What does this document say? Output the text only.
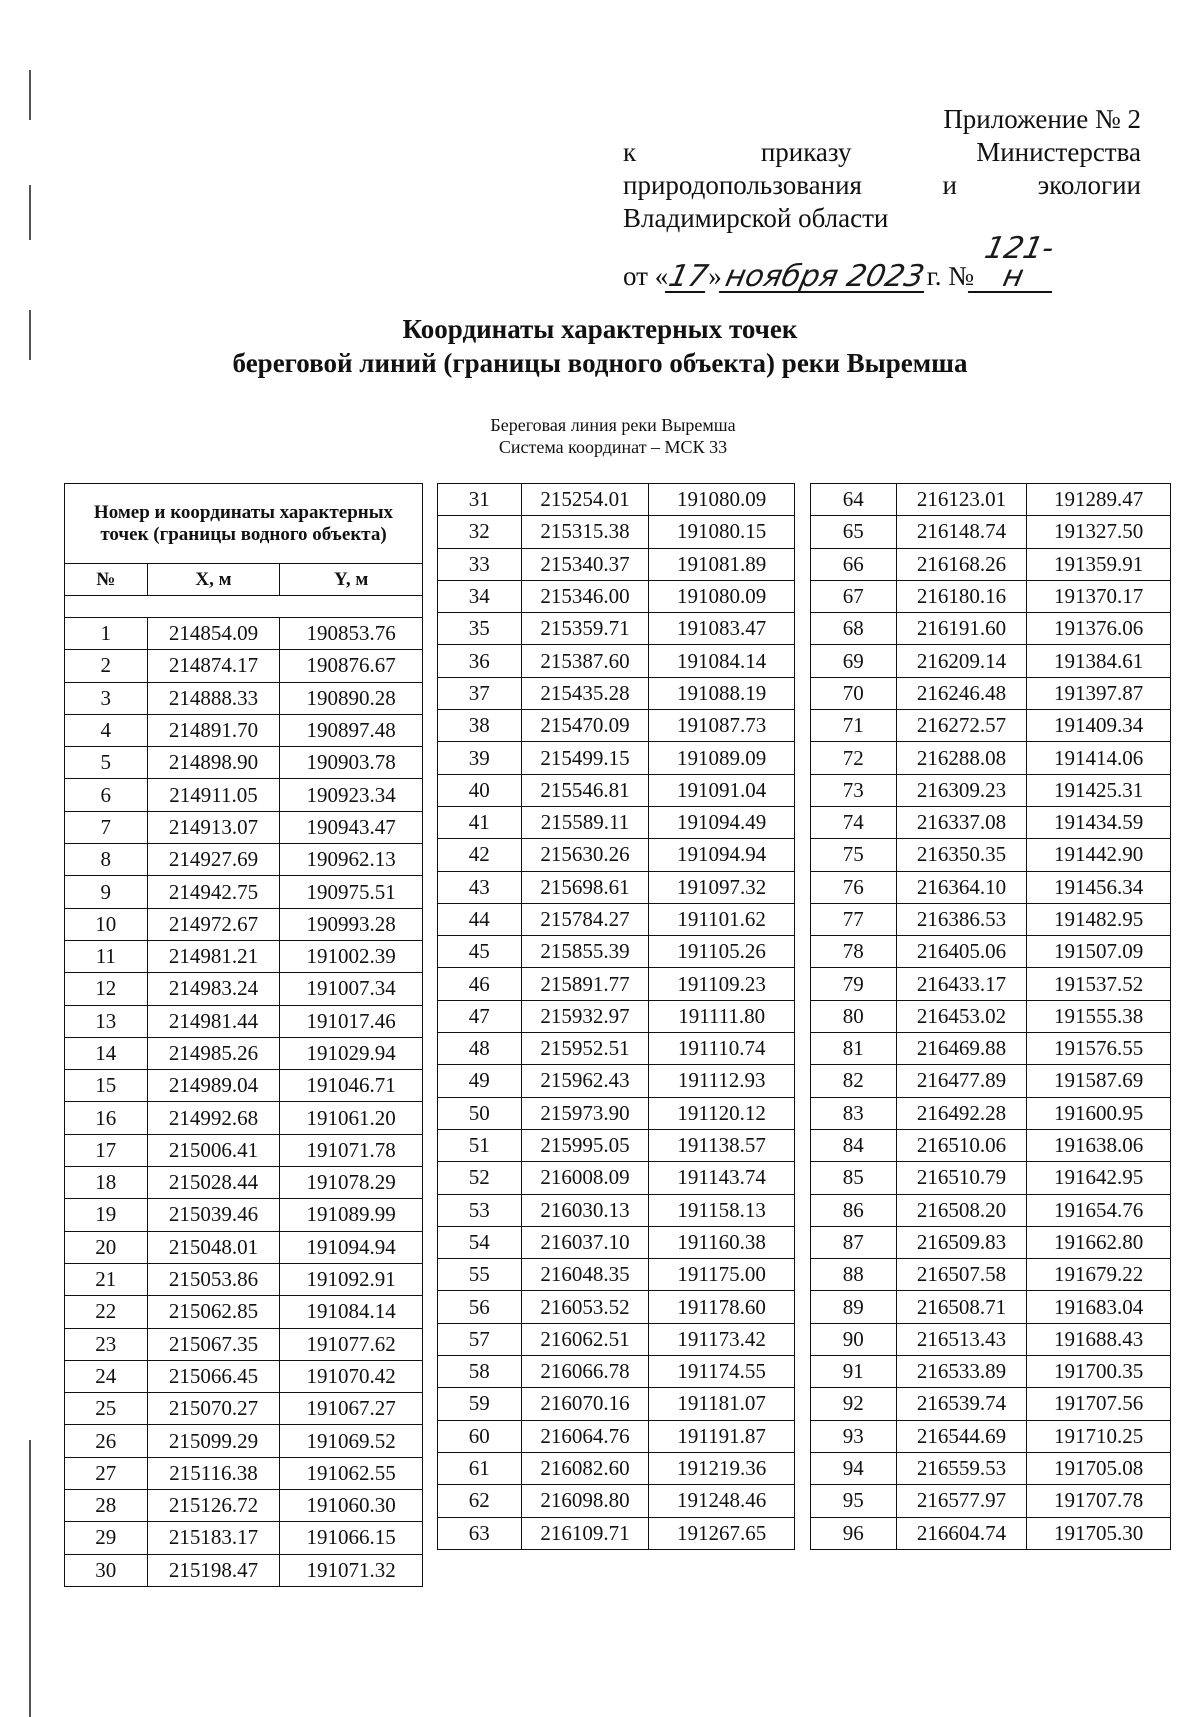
Приложение № 2
к	приказу	Министерства
природопользования	и	экологии
Владимирской области
от «
17
» ноября 2023 г. №
121-н
Координаты характерных точек
береговой линий (границы водного объекта) реки Выремша
Береговая линия реки Выремша
Система координат – МСК 33
Номер и координаты характерных точек (границы водного объекта)		
№	X, м	Y, м

1	214854.09	190853.76
2	214874.17	190876.67
3	214888.33	190890.28
4	214891.70	190897.48
5	214898.90	190903.78
6	214911.05	190923.34
7	214913.07	190943.47
8	214927.69	190962.13
9	214942.75	190975.51
10	214972.67	190993.28
11	214981.21	191002.39
12	214983.24	191007.34
13	214981.44	191017.46
14	214985.26	191029.94
15	214989.04	191046.71
16	214992.68	191061.20
17	215006.41	191071.78
18	215028.44	191078.29
19	215039.46	191089.99
20	215048.01	191094.94
21	215053.86	191092.91
22	215062.85	191084.14
23	215067.35	191077.62
24	215066.45	191070.42
25	215070.27	191067.27
26	215099.29	191069.52
27	215116.38	191062.55
28	215126.72	191060.30
29	215183.17	191066.15
30	215198.47	191071.32
31	215254.01	191080.09
32	215315.38	191080.15
33	215340.37	191081.89
34	215346.00	191080.09
35	215359.71	191083.47
36	215387.60	191084.14
37	215435.28	191088.19
38	215470.09	191087.73
39	215499.15	191089.09
40	215546.81	191091.04
41	215589.11	191094.49
42	215630.26	191094.94
43	215698.61	191097.32
44	215784.27	191101.62
45	215855.39	191105.26
46	215891.77	191109.23
47	215932.97	191111.80
48	215952.51	191110.74
49	215962.43	191112.93
50	215973.90	191120.12
51	215995.05	191138.57
52	216008.09	191143.74
53	216030.13	191158.13
54	216037.10	191160.38
55	216048.35	191175.00
56	216053.52	191178.60
57	216062.51	191173.42
58	216066.78	191174.55
59	216070.16	191181.07
60	216064.76	191191.87
61	216082.60	191219.36
62	216098.80	191248.46
63	216109.71	191267.65
64	216123.01	191289.47
65	216148.74	191327.50
66	216168.26	191359.91
67	216180.16	191370.17
68	216191.60	191376.06
69	216209.14	191384.61
70	216246.48	191397.87
71	216272.57	191409.34
72	216288.08	191414.06
73	216309.23	191425.31
74	216337.08	191434.59
75	216350.35	191442.90
76	216364.10	191456.34
77	216386.53	191482.95
78	216405.06	191507.09
79	216433.17	191537.52
80	216453.02	191555.38
81	216469.88	191576.55
82	216477.89	191587.69
83	216492.28	191600.95
84	216510.06	191638.06
85	216510.79	191642.95
86	216508.20	191654.76
87	216509.83	191662.80
88	216507.58	191679.22
89	216508.71	191683.04
90	216513.43	191688.43
91	216533.89	191700.35
92	216539.74	191707.56
93	216544.69	191710.25
94	216559.53	191705.08
95	216577.97	191707.78
96	216604.74	191705.30
